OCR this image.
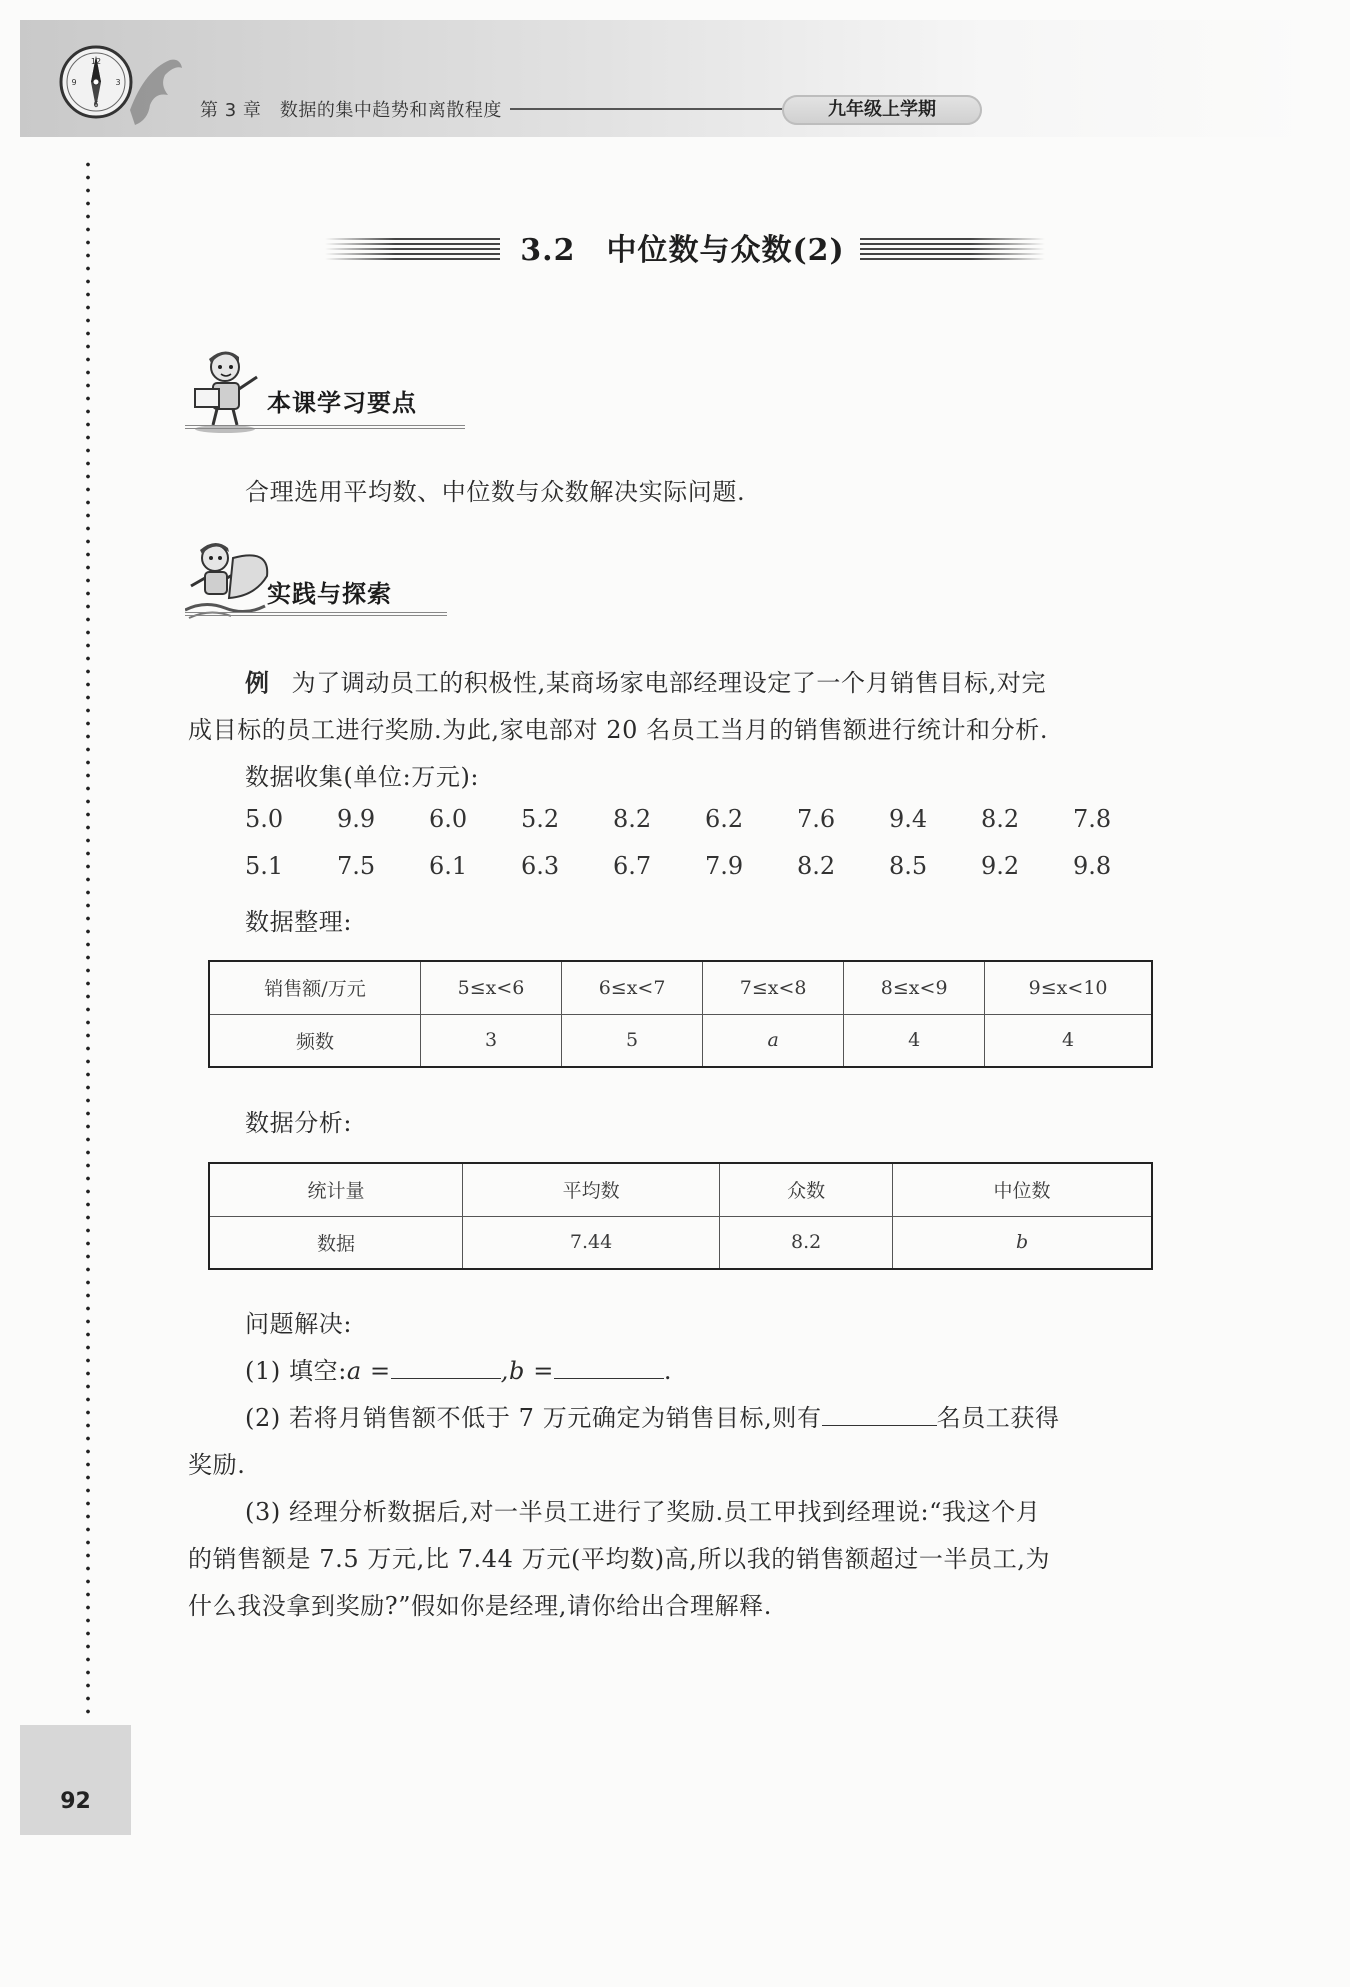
12
3
6
9
第 3 章　数据的集中趋势和离散程度	九年级上学期
92
3.2　中位数与众数(2)
本课学习要点
合理选用平均数、中位数与众数解决实际问题.
实践与探索
例 为了调动员工的积极性,某商场家电部经理设定了一个月销售目标,对完
成目标的员工进行奖励.为此,家电部对 20 名员工当月的销售额进行统计和分析.
数据收集(单位:万元):
5.0	9.9	6.0	5.2	8.2	6.2	7.6	9.4	8.2	7.8
5.1	7.5	6.1	6.3	6.7	7.9	8.2	8.5	9.2	9.8
数据整理:
销售额/万元	5≤x<6	6≤x<7	7≤x<8	8≤x<9	9≤x<10
频数	3	5	a	4	4
数据分析:
统计量	平均数	众数	中位数
数据	7.44	8.2	b
问题解决:
(1) 填空:a =	,b =	.
(2) 若将月销售额不低于 7 万元确定为销售目标,则有	名员工获得
奖励.
(3) 经理分析数据后,对一半员工进行了奖励.员工甲找到经理说:“我这个月
的销售额是 7.5 万元,比 7.44 万元(平均数)高,所以我的销售额超过一半员工,为
什么我没拿到奖励?”假如你是经理,请你给出合理解释.
